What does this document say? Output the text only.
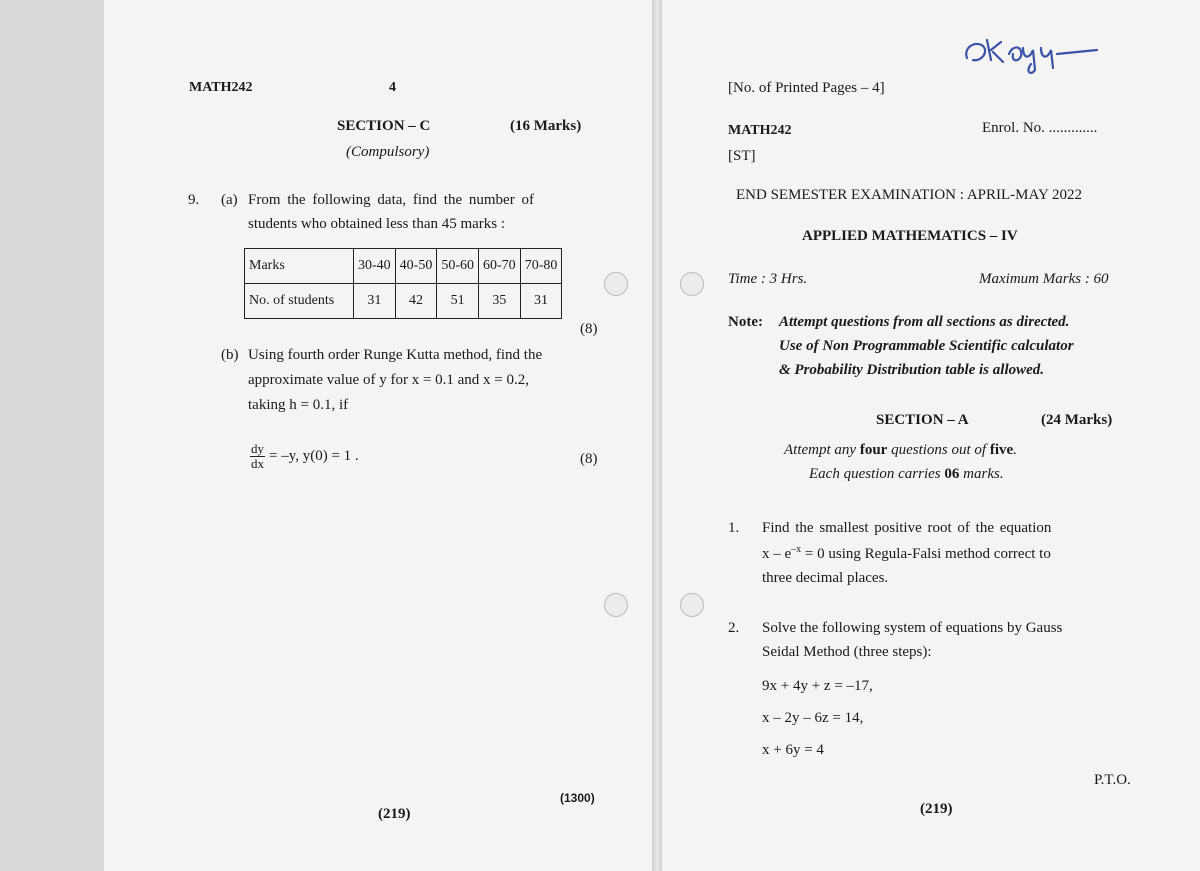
MATH242	4
SECTION – C	(16 Marks)
(Compulsory)
9. (a) From the following data, find the number of
students who obtained less than 45 marks :
Marks	30-40	40-50	50-60	60-70	70-80
No. of students	31	42	51	35	31
(8)
(b) Using fourth order Runge Kutta method, find the
approximate value of y for x = 0.1 and x = 0.2,
taking h = 0.1, if
$\frac{dy}{dx} = -y$, y(0) = 1 .	(8)
(219)
(1300)
ok·day
[No. of Printed Pages – 4]
MATH242	Enrol. No. .............
[ST]
END SEMESTER EXAMINATION : APRIL-MAY 2022
APPLIED MATHEMATICS – IV
Time : 3 Hrs.	Maximum Marks : 60
Note: Attempt questions from all sections as directed.
Use of Non Programmable Scientific calculator
& Probability Distribution table is allowed.
SECTION – A	(24 Marks)
Attempt any four questions out of five.
Each question carries 06 marks.
1. Find the smallest positive root of the equation
$x - e^{-x} = 0$ using Regula-Falsi method correct to
three decimal places.
2. Solve the following system of equations by Gauss
Seidal Method (three steps):
9x + 4y + z = –17,
x – 2y – 6z = 14,
x + 6y = 4
P.T.O.
(219)
